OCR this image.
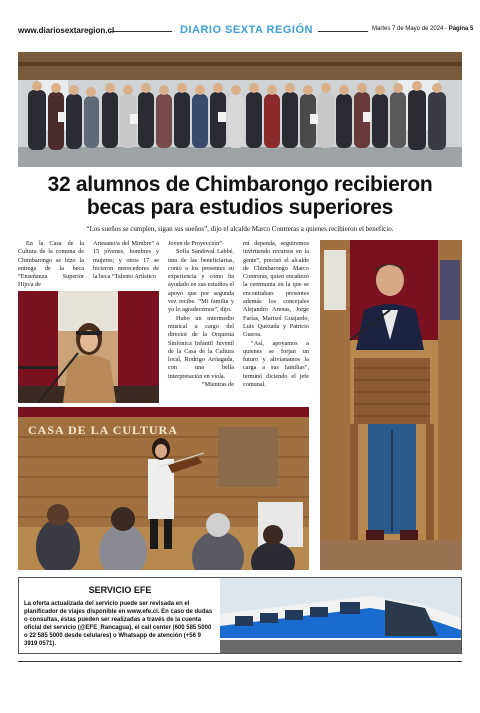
www.diariosextaregion.cl	DIARIO SEXTA REGIÓN	Martes 7 de Mayo de 2024 - Página 5
32 alumnos de Chimbarongo recibieron
becas para estudios superiores
“Los sueños se cumplen, sigan sus sueños”, dijo el alcalde Marco Contreras a quienes recibieron el beneficio.

En la Casa de la Cultura de la comuna de Chimbarongo se hizo la entrega de la beca “Enseñanza Superior Hijo/a de

Artesano/a del Mimbre” a 15 jóvenes, hombres y mujeres; y otros 17 se hicieron merecedores de la beca “Talento Artístico

Joven de Proyección”.

Sofía Sandoval Labbé, una de las beneficiarias, contó a los presentes su experiencia y cómo ha ayudado en sus estudios el apoyo que por segunda vez recibe. “Mi familia y yo lo agradecemos”, dijo.

Hubo un intermedio musical a cargo del director de la Orquesta Sinfónica Infantil Juvenil de la Casa de la Cultura local, Rodrigo Arriagada, con una bella interpretación en viola.

“Mientras de

mí dependa, seguiremos invirtiendo recursos en la gente”, precisó el alcalde de Chimbarongo Marco Contreras, quien encabezó la ceremonia en la que se encontraban presentes además los concejales Alejandro Arenas, Jorge Farías, Marisol Guajardo, Luis Quezada y Patricio Guerra.

“Así, apoyamos a quienes se forjan un futuro y alivianamos la carga a sus familias”, terminó diciendo el jefe comunal.

CASA DE LA CULTURA
SERVICIO EFE
La oferta actualizada del servicio puede ser revisada en el planificador de viajes disponible en www.efe.cl. En caso de dudas o consultas, éstas pueden ser realizadas a través de la cuenta oficial del servicio (@EFE_Rancagua), el call center (600 585 5000 o 22 585 5000 desde celulares) o Whatsapp de atención (+56 9 3919 0571).
